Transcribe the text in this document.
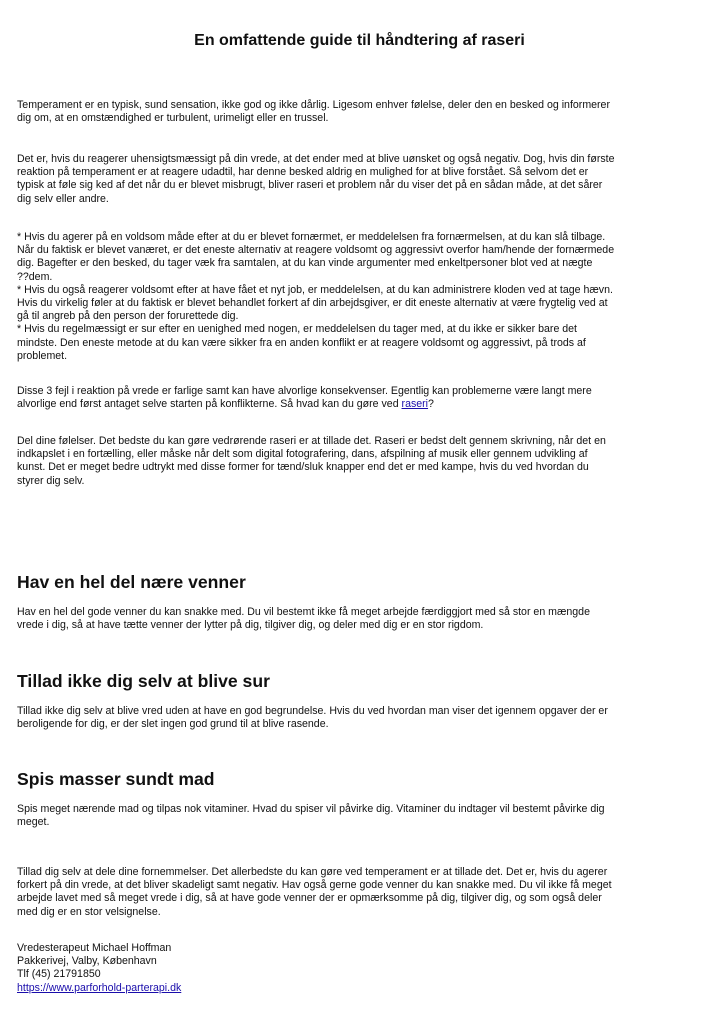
En omfattende guide til håndtering af raseri

Temperament er en typisk, sund sensation, ikke god og ikke dårlig. Ligesom enhver følelse, deler den en besked og informerer
dig om, at en omstændighed er turbulent, urimeligt eller en trussel.

Det er, hvis du reagerer uhensigtsmæssigt på din vrede, at det ender med at blive uønsket og også negativ. Dog, hvis din første
reaktion på temperament er at reagere udadtil, har denne besked aldrig en mulighed for at blive forstået. Så selvom det er
typisk at føle sig ked af det når du er blevet misbrugt, bliver raseri et problem når du viser det på en sådan måde, at det sårer
dig selv eller andre.

* Hvis du agerer på en voldsom måde efter at du er blevet fornærmet, er meddelelsen fra fornærmelsen, at du kan slå tilbage.
Når du faktisk er blevet vanæret, er det eneste alternativ at reagere voldsomt og aggressivt overfor ham/hende der fornærmede
dig. Bagefter er den besked, du tager væk fra samtalen, at du kan vinde argumenter med enkeltpersoner blot ved at nægte
??dem.
* Hvis du også reagerer voldsomt efter at have fået et nyt job, er meddelelsen, at du kan administrere kloden ved at tage hævn.
Hvis du virkelig føler at du faktisk er blevet behandlet forkert af din arbejdsgiver, er dit eneste alternativ at være frygtelig ved at
gå til angreb på den person der forurettede dig.
* Hvis du regelmæssigt er sur efter en uenighed med nogen, er meddelelsen du tager med, at du ikke er sikker bare det
mindste. Den eneste metode at du kan være sikker fra en anden konflikt er at reagere voldsomt og aggressivt, på trods af
problemet.

Disse 3 fejl i reaktion på vrede er farlige samt kan have alvorlige konsekvenser. Egentlig kan problemerne være langt mere
alvorlige end først antaget selve starten på konflikterne. Så hvad kan du gøre ved raseri?

Del dine følelser. Det bedste du kan gøre vedrørende raseri er at tillade det. Raseri er bedst delt gennem skrivning, når det en
indkapslet i en fortælling, eller måske når delt som digital fotografering, dans, afspilning af musik eller gennem udvikling af
kunst. Det er meget bedre udtrykt med disse former for tænd/sluk knapper end det er med kampe, hvis du ved hvordan du
styrer dig selv.

Hav en hel del nære venner

Hav en hel del gode venner du kan snakke med. Du vil bestemt ikke få meget arbejde færdiggjort med så stor en mængde
vrede i dig, så at have tætte venner der lytter på dig, tilgiver dig, og deler med dig er en stor rigdom.

Tillad ikke dig selv at blive sur

Tillad ikke dig selv at blive vred uden at have en god begrundelse. Hvis du ved hvordan man viser det igennem opgaver der er
beroligende for dig, er der slet ingen god grund til at blive rasende.

Spis masser sundt mad

Spis meget nærende mad og tilpas nok vitaminer. Hvad du spiser vil påvirke dig. Vitaminer du indtager vil bestemt påvirke dig
meget.

Tillad dig selv at dele dine fornemmelser. Det allerbedste du kan gøre ved temperament er at tillade det. Det er, hvis du agerer
forkert på din vrede, at det bliver skadeligt samt negativ. Hav også gerne gode venner du kan snakke med. Du vil ikke få meget
arbejde lavet med så meget vrede i dig, så at have gode venner der er opmærksomme på dig, tilgiver dig, og som også deler
med dig er en stor velsignelse.

Vredesterapeut Michael Hoffman
Pakkerivej, Valby, København
Tlf (45) 21791850
https://www.parforhold-parterapi.dk
